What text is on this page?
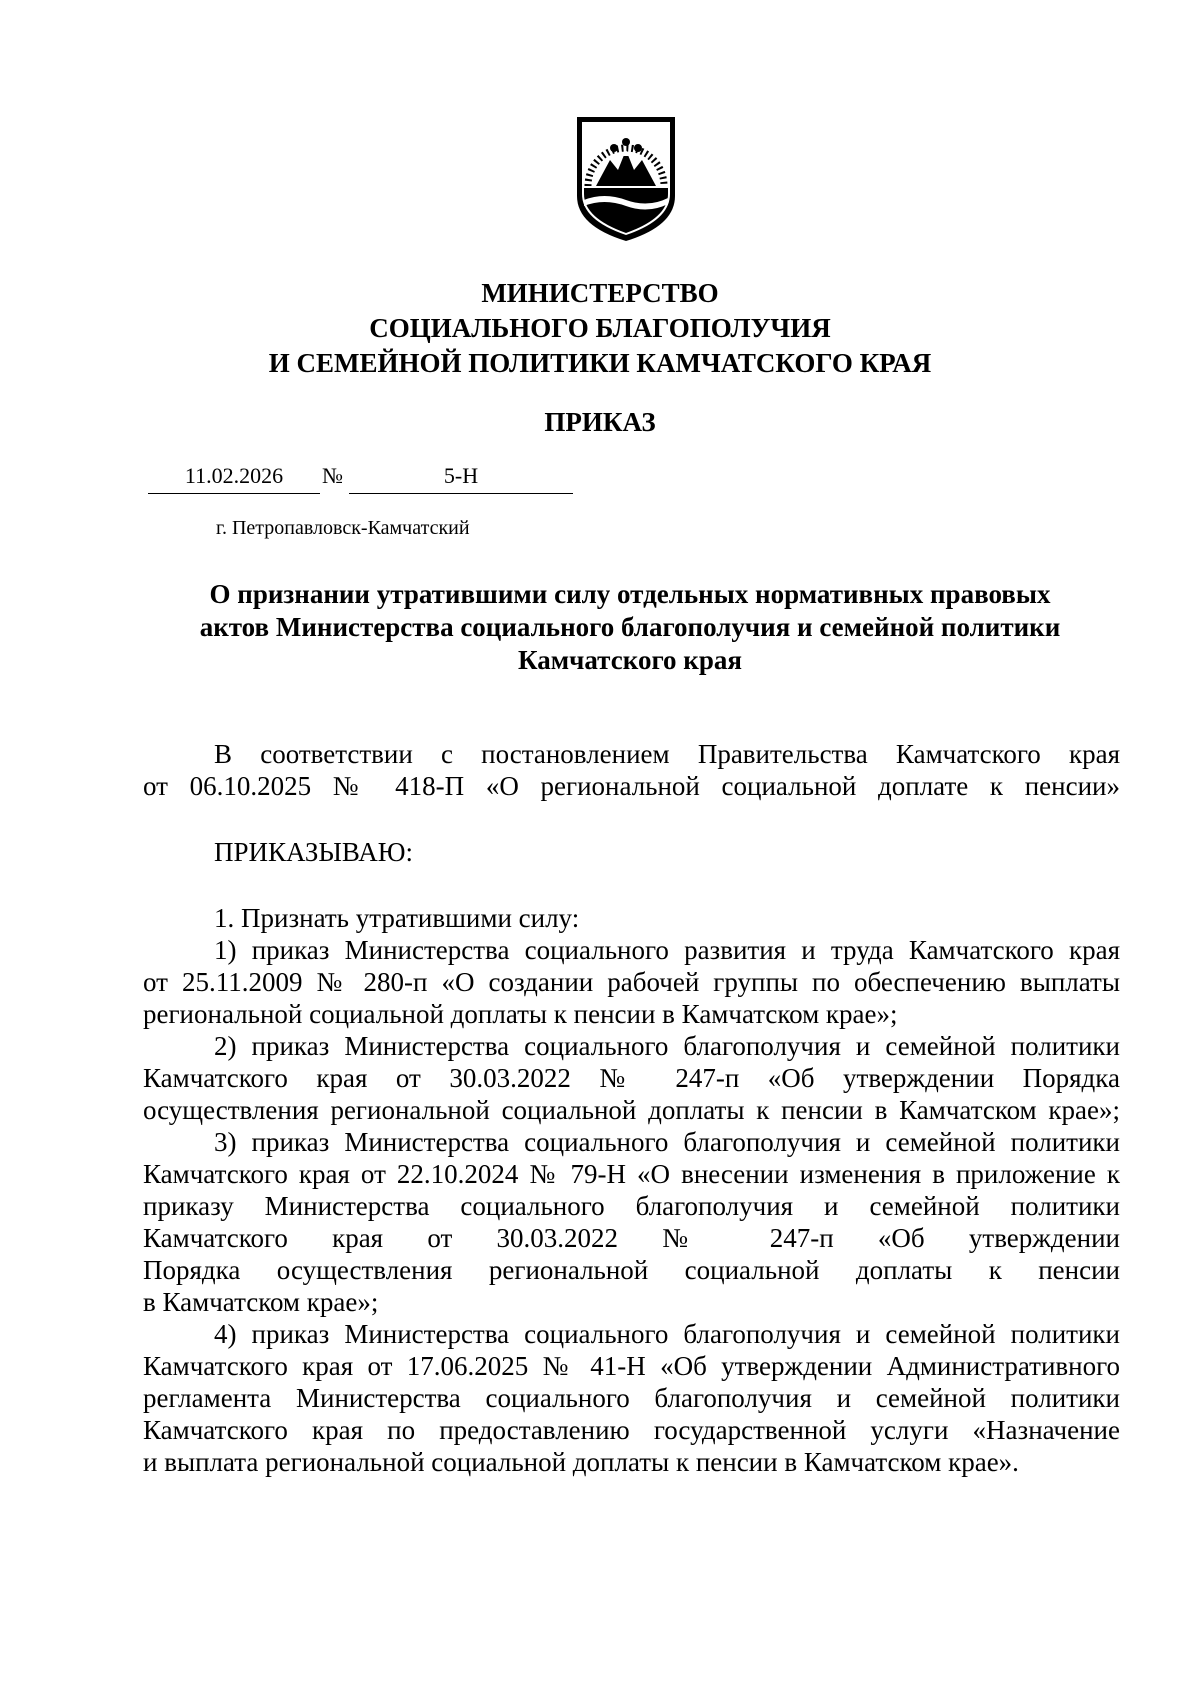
МИНИСТЕРСТВО
СОЦИАЛЬНОГО БЛАГОПОЛУЧИЯ
И СЕМЕЙНОЙ ПОЛИТИКИ КАМЧАТСКОГО КРАЯ
ПРИКАЗ
11.02.2026	№	5-Н
г. Петропавловск-Камчатский
О признании утратившими силу отдельных нормативных правовых
актов Министерства социального благополучия и семейной политики
Камчатского края
В соответствии с постановлением Правительства Камчатского края
от 06.10.2025 № 418-П «О региональной социальной доплате к пенсии»
ПРИКАЗЫВАЮ:
1. Признать утратившими силу:
1) приказ Министерства социального развития и труда Камчатского края
от 25.11.2009 № 280-п «О создании рабочей группы по обеспечению выплаты
региональной социальной доплаты к пенсии в Камчатском крае»;
2) приказ Министерства социального благополучия и семейной политики
Камчатского края от 30.03.2022 № 247-п «Об утверждении Порядка
осуществления региональной социальной доплаты к пенсии в Камчатском крае»;
3) приказ Министерства социального благополучия и семейной политики
Камчатского края от 22.10.2024 № 79-Н «О внесении изменения в приложение к
приказу Министерства социального благополучия и семейной политики
Камчатского края от 30.03.2022 № 247-п «Об утверждении
Порядка осуществления региональной социальной доплаты к пенсии
в Камчатском крае»;
4) приказ Министерства социального благополучия и семейной политики
Камчатского края от 17.06.2025 № 41-Н «Об утверждении Административного
регламента Министерства социального благополучия и семейной политики
Камчатского края по предоставлению государственной услуги «Назначение
и выплата региональной социальной доплаты к пенсии в Камчатском крае».
